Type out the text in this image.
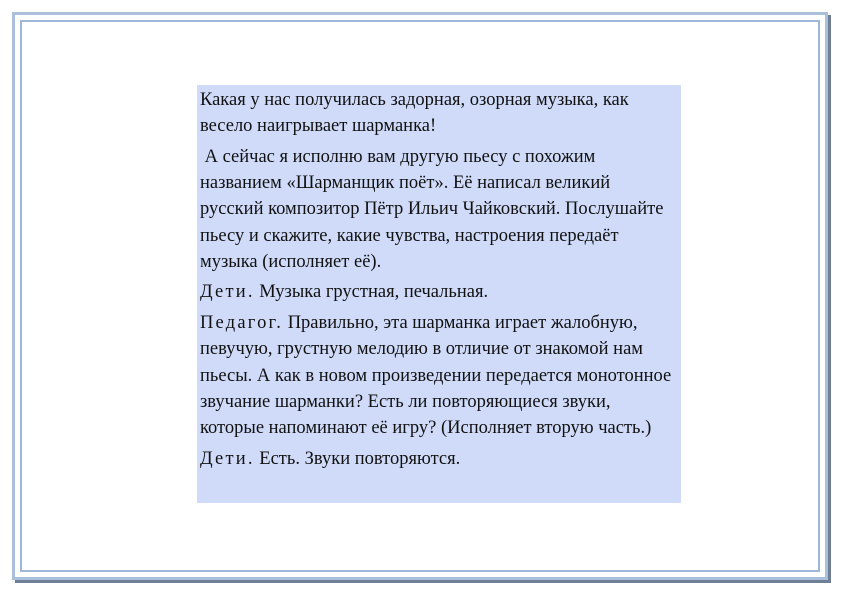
Какая у нас получилась задорная, озорная музыка, как весело наигрывает шарманка!

А сейчас я исполню вам другую пьесу с похожим названием «Шарманщик поёт». Её написал великий русский композитор Пётр Ильич Чайковский. Послушайте пьесу и скажите, какие чувства, настроения передаёт музыка (исполняет её).

Дети. Музыка грустная, печальная.

Педагог. Правильно, эта шарманка играет жалобную, певучую, грустную мелодию в отличие от знакомой нам пьесы. А как в новом произведении передается монотонное звучание шарманки? Есть ли повторяющиеся звуки, которые напоминают её игру? (Исполняет вторую часть.)

Дети. Есть. Звуки повторяются.
